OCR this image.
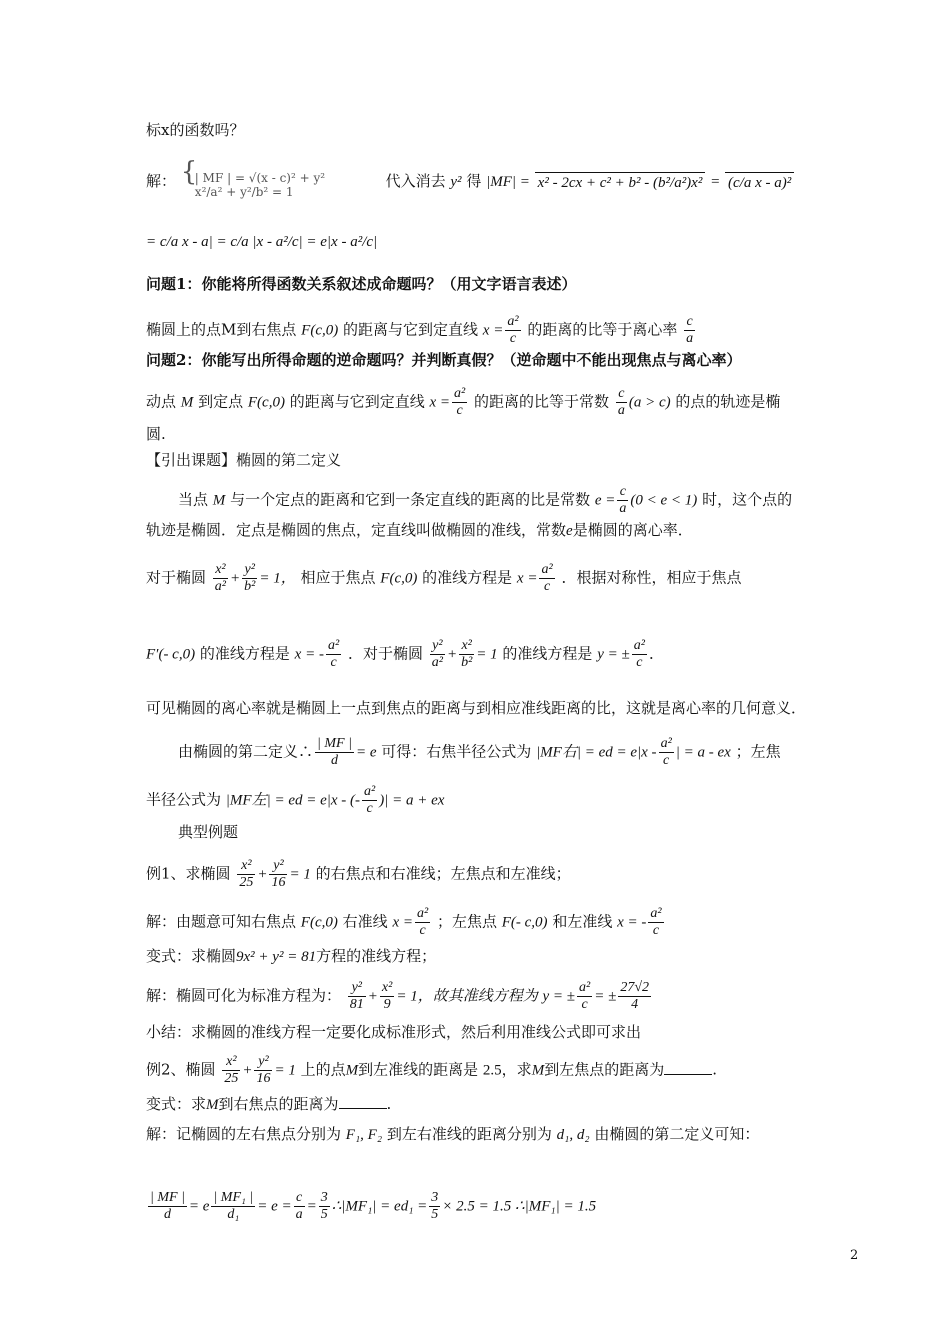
标x的函数吗？
解： {
| MF | = √(x - c)² + y²
x²/a² + y²/b² = 1
代入消去 y² 得 |MF| = x² - 2cx + c² + b² - (b²/a²)x² = (c/a x - a)²
= c/a x - a| = c/a |x - a²/c| = e|x - a²/c|
问题1：你能将所得函数关系叙述成命题吗？（用文字语言表述）
椭圆上的点M到右焦点 F(c,0) 的距离与它到定直线 $x = \frac{\text{a²}}{c}$ 的距离的比等于离心率 $\frac{c}{a}$
问题2：你能写出所得命题的逆命题吗？并判断真假？（逆命题中不能出现焦点与离心率）
动点 M 到定点 F(c,0) 的距离与它到定直线 $x = \frac{\text{a²}}{c}$ 的距离的比等于常数 $\frac{c}{a} (a > c)$ 的点的轨迹是椭
圆.
【引出课题】椭圆的第二定义
当点 M 与一个定点的距离和它到一条定直线的距离的比是常数 $e = \frac{c}{a} (0 < e < 1)$ 时，这个点的
轨迹是椭圆．定点是椭圆的焦点，定直线叫做椭圆的准线，常数e是椭圆的离心率．
对于椭圆 $\frac{\text{x²}}{\text{a²}} + \frac{\text{y²}}{\text{b²}} = 1$， 相应于焦点 F(c,0) 的准线方程是 $x = \frac{\text{a²}}{c}$ ．根据对称性，相应于焦点
F′(- c,0) 的准线方程是 x = - $\frac{\text{a²}}{c}$ ．对于椭圆 $\frac{\text{y²}}{\text{a²}} + \frac{\text{x²}}{\text{b²}} = 1$ 的准线方程是 y = ± $\frac{\text{a²}}{c}$ ．
可见椭圆的离心率就是椭圆上一点到焦点的距离与到相应准线距离的比，这就是离心率的几何意义．
由椭圆的第二定义∴ $\frac{| MF |}{d} = e$ 可得：右焦半径公式为 |MF右| = ed = $e|x - \frac{\text{a²}}{c}$ | = a - ex ；左焦
半径公式为 |MF左| = ed = e|x - (- $\frac{\text{a²}}{c}$ )| = a + ex
典型例题
例1、求椭圆 $\frac{\text{x²}}{25} + \frac{\text{y²}}{16} = 1$ 的右焦点和右准线；左焦点和左准线；
解：由题意可知右焦点 F(c,0) 右准线 $x = \frac{\text{a²}}{c}$ ；左焦点 F(- c,0) 和左准线 x = - $\frac{\text{a²}}{c}$
变式：求椭圆9x² + y² = 81方程的准线方程；
解：椭圆可化为标准方程为： $\frac{\text{y²}}{81} + \frac{\text{x²}}{9} = 1$，故其准线方程为 y = ± $\frac{\text{a²}}{c}$ = ± $\frac{27√2}{4}$
小结：求椭圆的准线方程一定要化成标准形式，然后利用准线公式即可求出
例2、椭圆 $\frac{\text{x²}}{25} + \frac{\text{y²}}{16} = 1$ 上的点M到左准线的距离是 2.5，求M到左焦点的距离为	.
变式：求M到右焦点的距离为	.
解：记椭圆的左右焦点分别为 F₁, F₂ 到左右准线的距离分别为 d₁, d₂ 由椭圆的第二定义可知：
$\frac{| MF |}{d} = e \frac{\text{| MF₁ |}}{\text{d₁}} = e = \frac{c}{a} = \frac{3}{5}$ ∴|MF₁| = $ed_1 = \frac{3}{5} \times 2.5 = 1.5$ ∴|MF₁| = 1.5
2
